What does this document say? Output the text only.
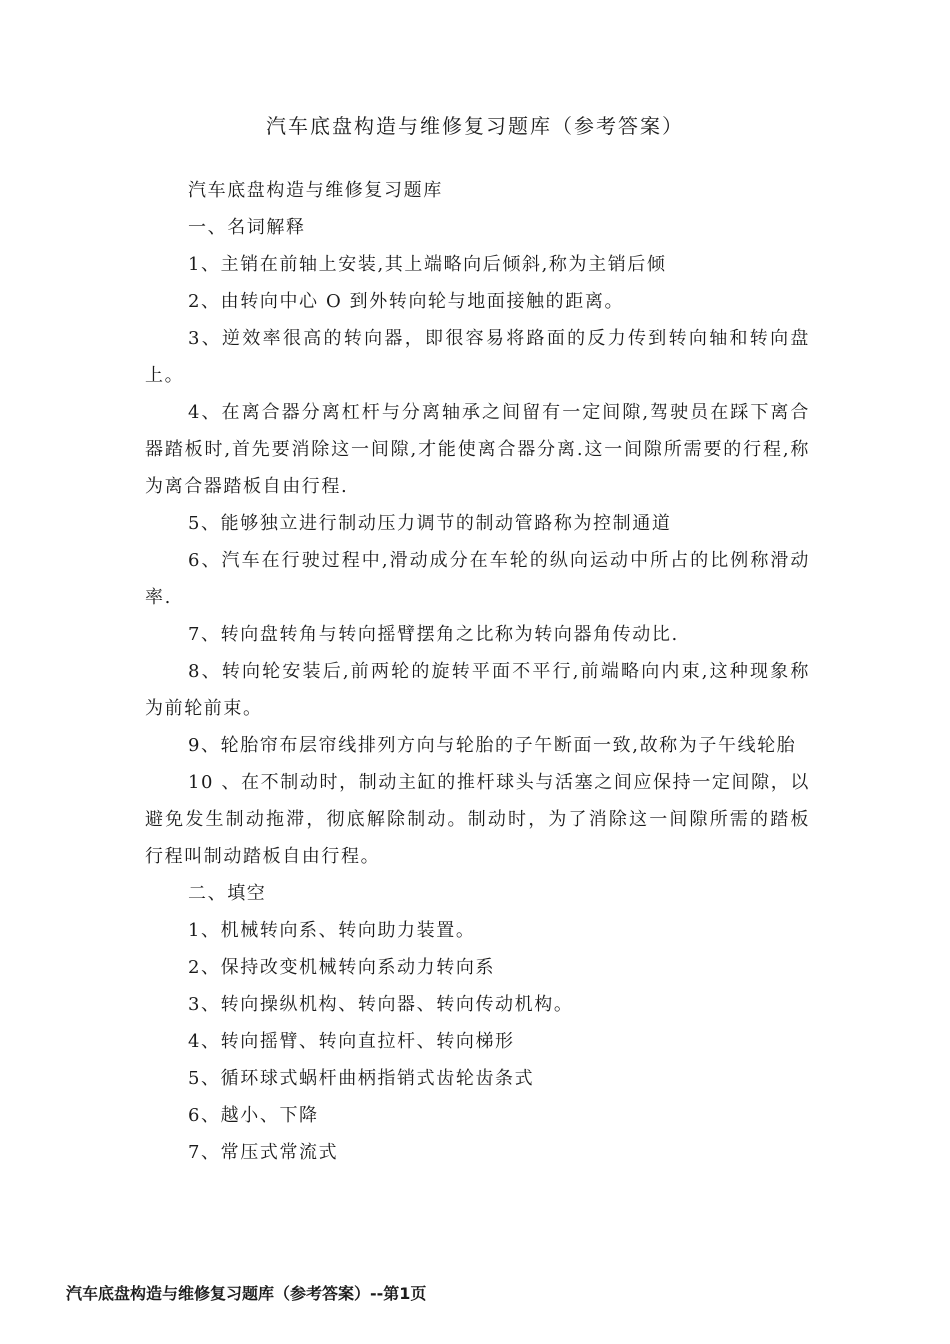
汽车底盘构造与维修复习题库（参考答案）

汽车底盘构造与维修复习题库

一、名词解释

1、主销在前轴上安装,其上端略向后倾斜,称为主销后倾

2、由转向中心 O 到外转向轮与地面接触的距离。

3、逆效率很高的转向器，即很容易将路面的反力传到转向轴和转向盘上。

4、在离合器分离杠杆与分离轴承之间留有一定间隙,驾驶员在踩下离合器踏板时,首先要消除这一间隙,才能使离合器分离.这一间隙所需要的行程,称为离合器踏板自由行程.

5、能够独立进行制动压力调节的制动管路称为控制通道

6、汽车在行驶过程中,滑动成分在车轮的纵向运动中所占的比例称滑动率.

7、转向盘转角与转向摇臂摆角之比称为转向器角传动比.

8、转向轮安装后,前两轮的旋转平面不平行,前端略向内束,这种现象称为前轮前束。

9、轮胎帘布层帘线排列方向与轮胎的子午断面一致,故称为子午线轮胎

10 、在不制动时，制动主缸的推杆球头与活塞之间应保持一定间隙，以避免发生制动拖滞，彻底解除制动。制动时，为了消除这一间隙所需的踏板行程叫制动踏板自由行程。

二、填空

1、机械转向系、转向助力装置。

2、保持改变机械转向系动力转向系

3、转向操纵机构、转向器、转向传动机构。

4、转向摇臂、转向直拉杆、转向梯形

5、循环球式蜗杆曲柄指销式齿轮齿条式

6、越小、下降

7、常压式常流式

汽车底盘构造与维修复习题库（参考答案）--第1页
